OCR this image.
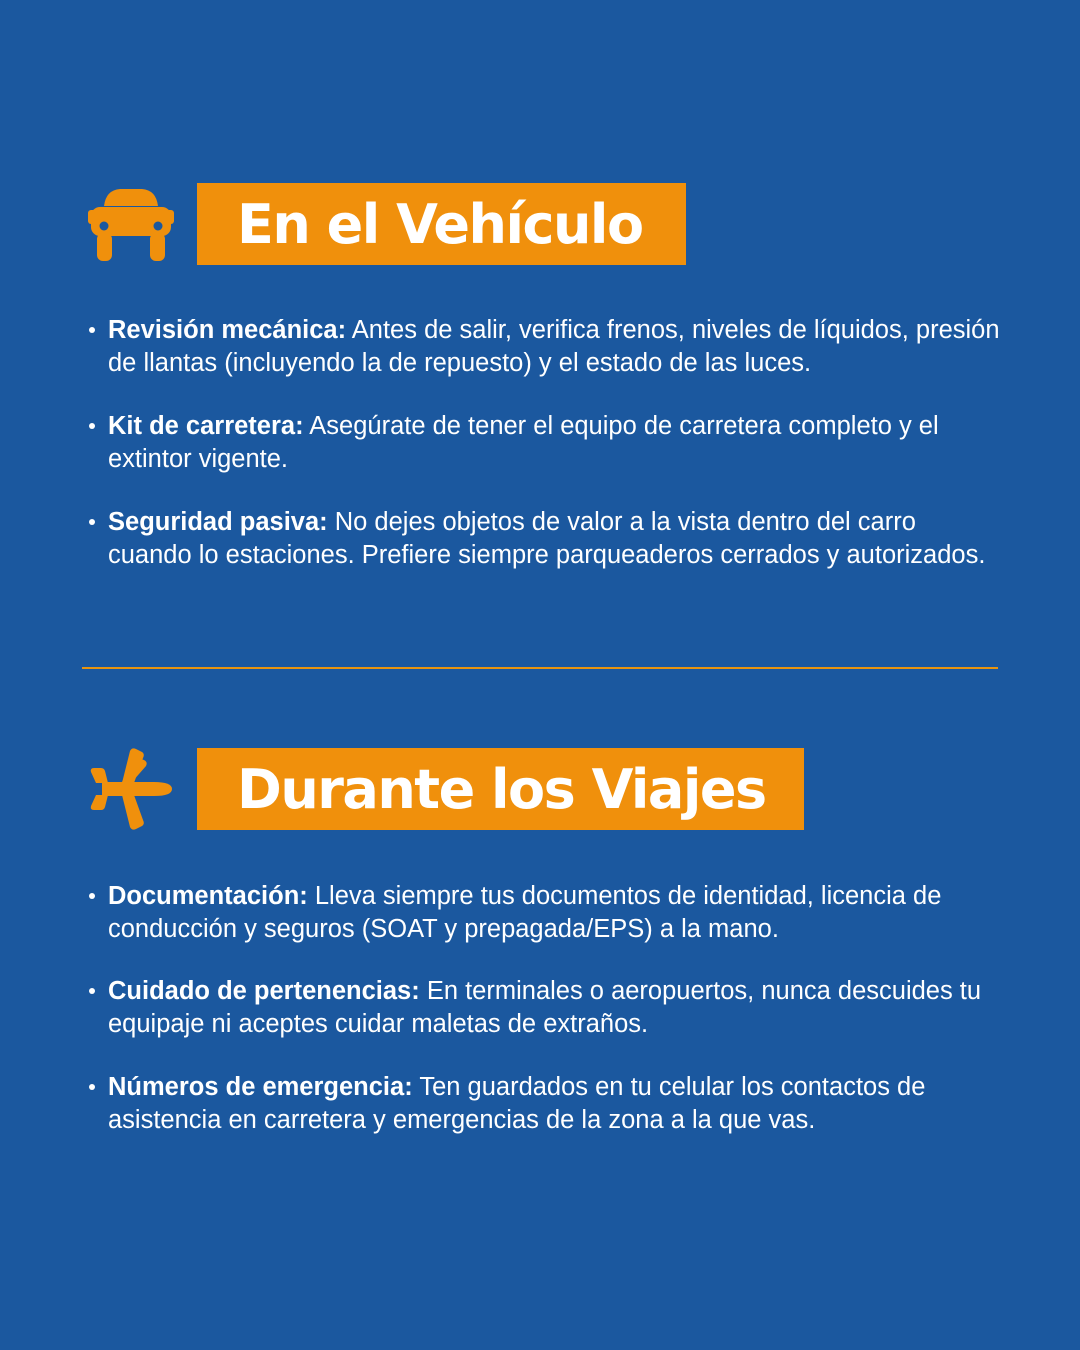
En el Vehículo
Revisión mecánica: Antes de salir, verifica frenos, niveles de líquidos, presión de llantas (incluyendo la de repuesto) y el estado de las luces.
Kit de carretera: Asegúrate de tener el equipo de carretera completo y el extintor vigente.
Seguridad pasiva: No dejes objetos de valor a la vista dentro del carro cuando lo estaciones. Prefiere siempre parqueaderos cerrados y autorizados.
Durante los Viajes
Documentación: Lleva siempre tus documentos de identidad, licencia de conducción y seguros (SOAT y prepagada/EPS) a la mano.
Cuidado de pertenencias: En terminales o aeropuertos, nunca descuides tu equipaje ni aceptes cuidar maletas de extraños.
Números de emergencia: Ten guardados en tu celular los contactos de asistencia en carretera y emergencias de la zona a la que vas.
